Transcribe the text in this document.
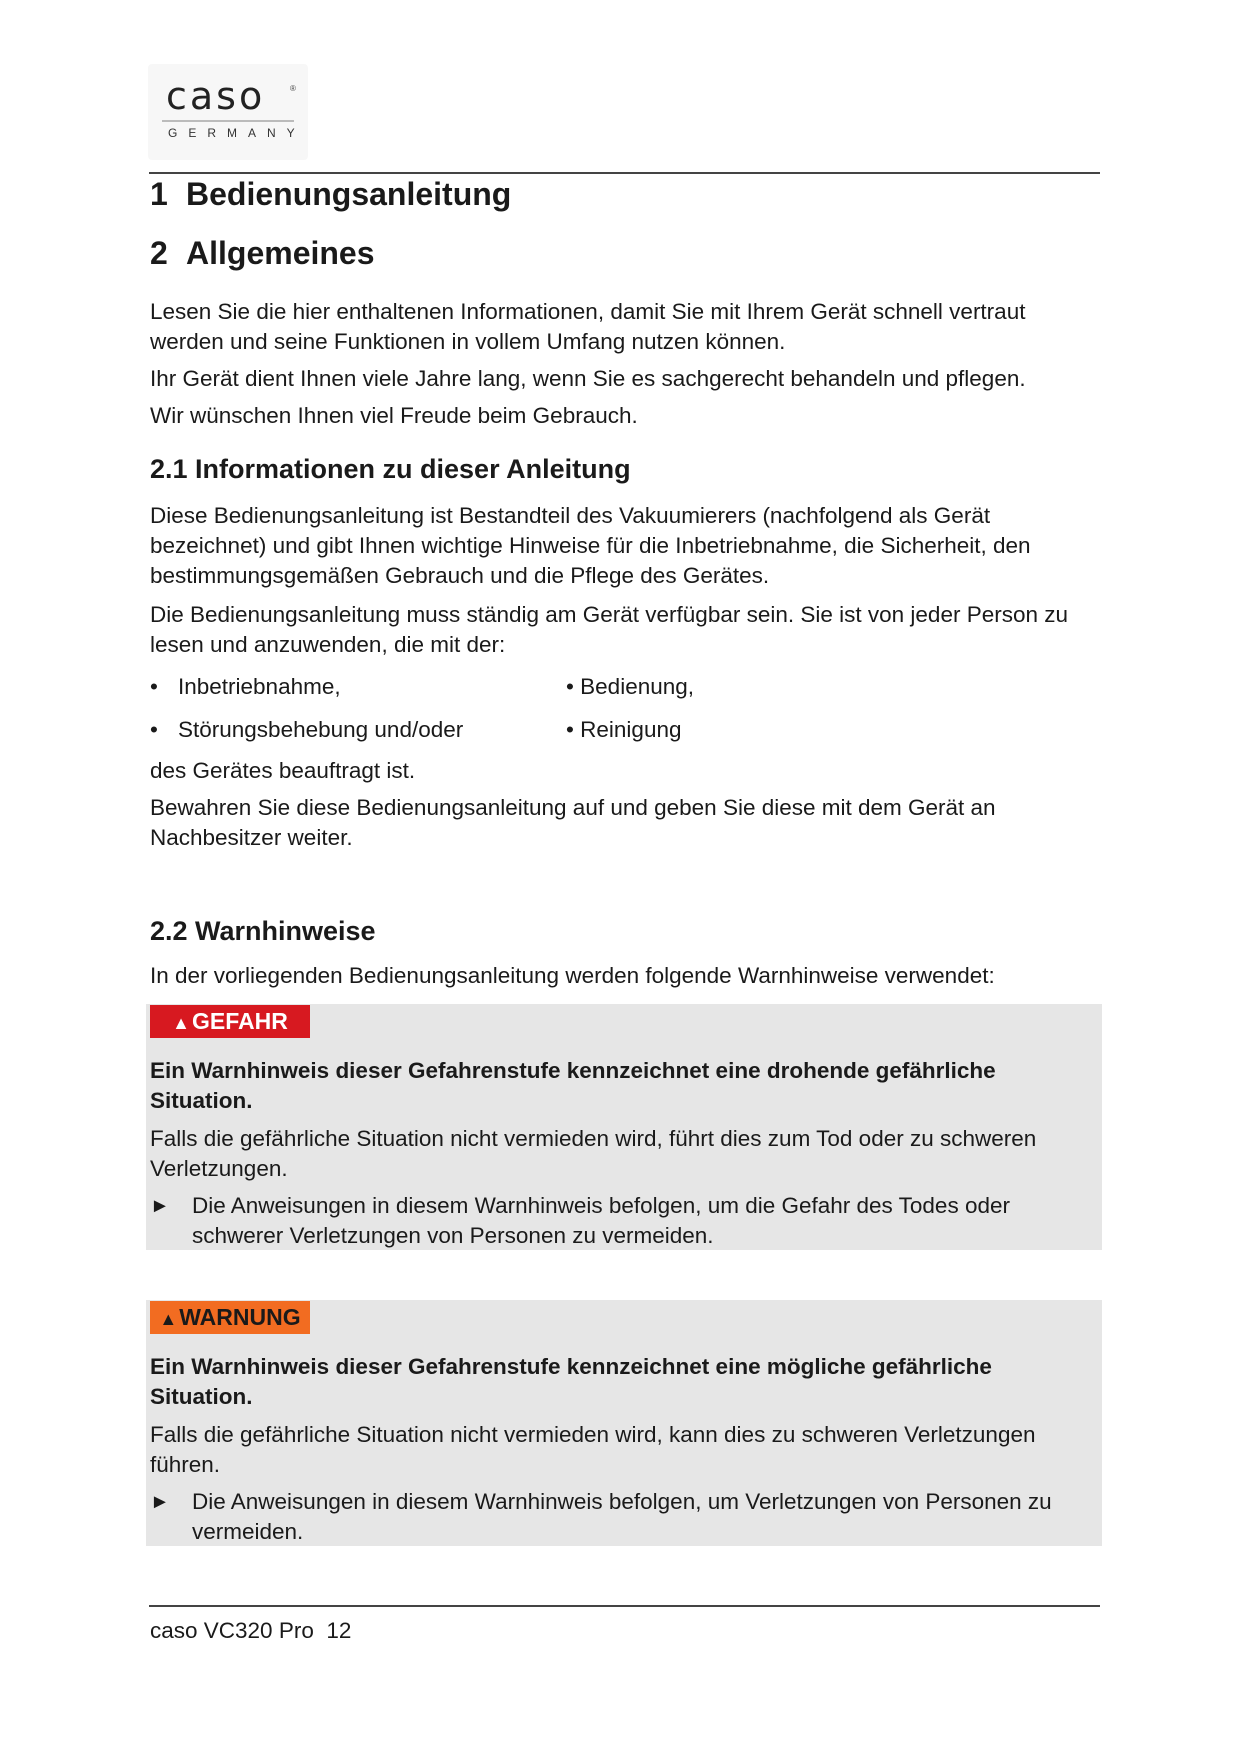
caso	®
GERMANY
1 Bedienungsanleitung
2 Allgemeines

Lesen Sie die hier enthaltenen Informationen, damit Sie mit Ihrem Gerät schnell vertraut werden und seine Funktionen in vollem Umfang nutzen können.

Ihr Gerät dient Ihnen viele Jahre lang, wenn Sie es sachgerecht behandeln und pflegen.

Wir wünschen Ihnen viel Freude beim Gebrauch.

2.1 Informationen zu dieser Anleitung

Diese Bedienungsanleitung ist Bestandteil des Vakuumierers (nachfolgend als Gerät bezeichnet) und gibt Ihnen wichtige Hinweise für die Inbetriebnahme, die Sicherheit, den bestimmungsgemäßen Gebrauch und die Pflege des Gerätes.

Die Bedienungsanleitung muss ständig am Gerät verfügbar sein. Sie ist von jeder Person zu lesen und anzuwenden, die mit der:

• Inbetriebnahme,	• Bedienung,
• Störungsbehebung und/oder	• Reinigung

des Gerätes beauftragt ist.

Bewahren Sie diese Bedienungsanleitung auf und geben Sie diese mit dem Gerät an Nachbesitzer weiter.

2.2 Warnhinweise

In der vorliegenden Bedienungsanleitung werden folgende Warnhinweise verwendet:

▲GEFAHR

Ein Warnhinweis dieser Gefahrenstufe kennzeichnet eine drohende gefährliche Situation.

Falls die gefährliche Situation nicht vermieden wird, führt dies zum Tod oder zu schweren Verletzungen.

► Die Anweisungen in diesem Warnhinweis befolgen, um die Gefahr des Todes oder schwerer Verletzungen von Personen zu vermeiden.
▲WARNUNG

Ein Warnhinweis dieser Gefahrenstufe kennzeichnet eine mögliche gefährliche Situation.

Falls die gefährliche Situation nicht vermieden wird, kann dies zu schweren Verletzungen führen.

► Die Anweisungen in diesem Warnhinweis befolgen, um Verletzungen von Personen zu vermeiden.
caso VC320 Pro  12
